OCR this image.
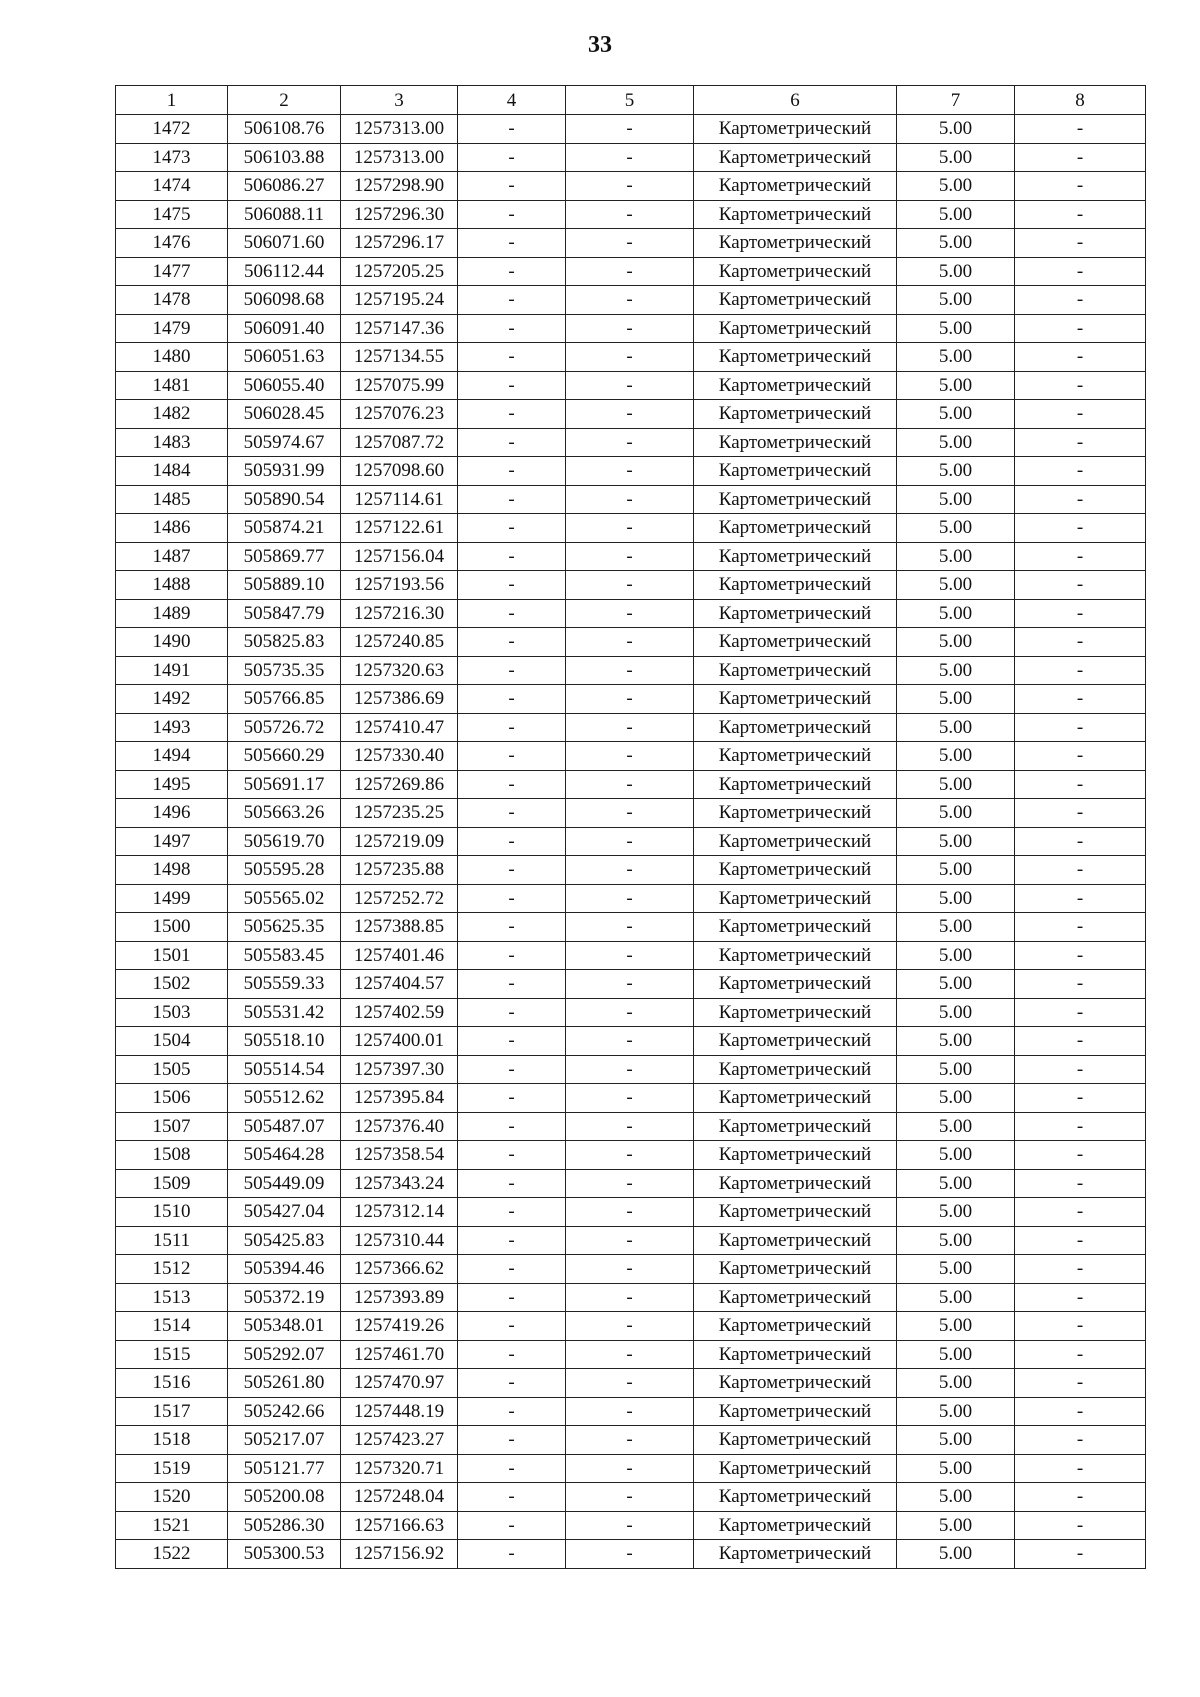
33
1	2	3	4	5	6	7	8
1472	506108.76	1257313.00	-	-	Картометрический	5.00	-
1473	506103.88	1257313.00	-	-	Картометрический	5.00	-
1474	506086.27	1257298.90	-	-	Картометрический	5.00	-
1475	506088.11	1257296.30	-	-	Картометрический	5.00	-
1476	506071.60	1257296.17	-	-	Картометрический	5.00	-
1477	506112.44	1257205.25	-	-	Картометрический	5.00	-
1478	506098.68	1257195.24	-	-	Картометрический	5.00	-
1479	506091.40	1257147.36	-	-	Картометрический	5.00	-
1480	506051.63	1257134.55	-	-	Картометрический	5.00	-
1481	506055.40	1257075.99	-	-	Картометрический	5.00	-
1482	506028.45	1257076.23	-	-	Картометрический	5.00	-
1483	505974.67	1257087.72	-	-	Картометрический	5.00	-
1484	505931.99	1257098.60	-	-	Картометрический	5.00	-
1485	505890.54	1257114.61	-	-	Картометрический	5.00	-
1486	505874.21	1257122.61	-	-	Картометрический	5.00	-
1487	505869.77	1257156.04	-	-	Картометрический	5.00	-
1488	505889.10	1257193.56	-	-	Картометрический	5.00	-
1489	505847.79	1257216.30	-	-	Картометрический	5.00	-
1490	505825.83	1257240.85	-	-	Картометрический	5.00	-
1491	505735.35	1257320.63	-	-	Картометрический	5.00	-
1492	505766.85	1257386.69	-	-	Картометрический	5.00	-
1493	505726.72	1257410.47	-	-	Картометрический	5.00	-
1494	505660.29	1257330.40	-	-	Картометрический	5.00	-
1495	505691.17	1257269.86	-	-	Картометрический	5.00	-
1496	505663.26	1257235.25	-	-	Картометрический	5.00	-
1497	505619.70	1257219.09	-	-	Картометрический	5.00	-
1498	505595.28	1257235.88	-	-	Картометрический	5.00	-
1499	505565.02	1257252.72	-	-	Картометрический	5.00	-
1500	505625.35	1257388.85	-	-	Картометрический	5.00	-
1501	505583.45	1257401.46	-	-	Картометрический	5.00	-
1502	505559.33	1257404.57	-	-	Картометрический	5.00	-
1503	505531.42	1257402.59	-	-	Картометрический	5.00	-
1504	505518.10	1257400.01	-	-	Картометрический	5.00	-
1505	505514.54	1257397.30	-	-	Картометрический	5.00	-
1506	505512.62	1257395.84	-	-	Картометрический	5.00	-
1507	505487.07	1257376.40	-	-	Картометрический	5.00	-
1508	505464.28	1257358.54	-	-	Картометрический	5.00	-
1509	505449.09	1257343.24	-	-	Картометрический	5.00	-
1510	505427.04	1257312.14	-	-	Картометрический	5.00	-
1511	505425.83	1257310.44	-	-	Картометрический	5.00	-
1512	505394.46	1257366.62	-	-	Картометрический	5.00	-
1513	505372.19	1257393.89	-	-	Картометрический	5.00	-
1514	505348.01	1257419.26	-	-	Картометрический	5.00	-
1515	505292.07	1257461.70	-	-	Картометрический	5.00	-
1516	505261.80	1257470.97	-	-	Картометрический	5.00	-
1517	505242.66	1257448.19	-	-	Картометрический	5.00	-
1518	505217.07	1257423.27	-	-	Картометрический	5.00	-
1519	505121.77	1257320.71	-	-	Картометрический	5.00	-
1520	505200.08	1257248.04	-	-	Картометрический	5.00	-
1521	505286.30	1257166.63	-	-	Картометрический	5.00	-
1522	505300.53	1257156.92	-	-	Картометрический	5.00	-
